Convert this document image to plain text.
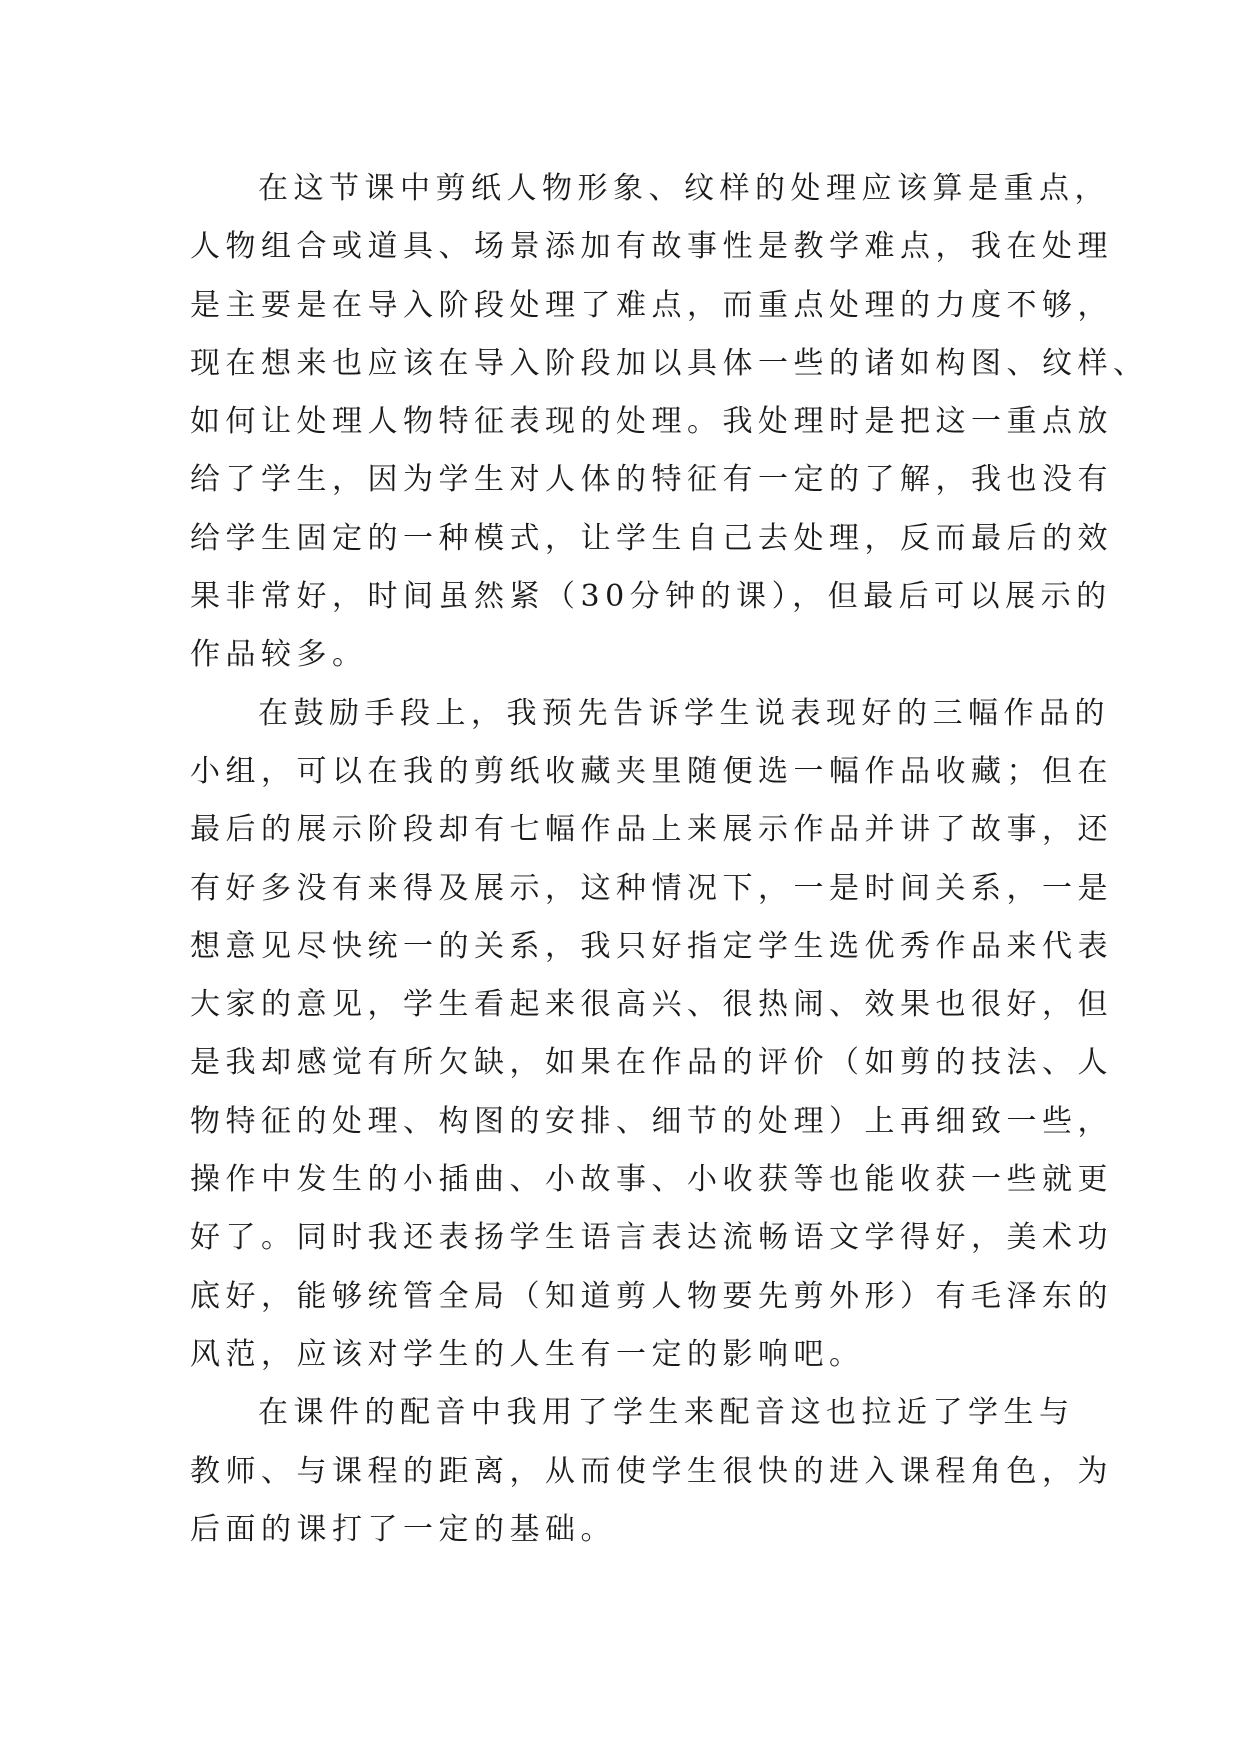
在这节课中剪纸人物形象、纹样的处理应该算是重点，
人物组合或道具、场景添加有故事性是教学难点，我在处理
是主要是在导入阶段处理了难点，而重点处理的力度不够，
现在想来也应该在导入阶段加以具体一些的诸如构图、纹样、
如何让处理人物特征表现的处理。我处理时是把这一重点放
给了学生，因为学生对人体的特征有一定的了解，我也没有
给学生固定的一种模式，让学生自己去处理，反而最后的效
果非常好，时间虽然紧（30分钟的课），但最后可以展示的
作品较多。
在鼓励手段上，我预先告诉学生说表现好的三幅作品的
小组，可以在我的剪纸收藏夹里随便选一幅作品收藏；但在
最后的展示阶段却有七幅作品上来展示作品并讲了故事，还
有好多没有来得及展示，这种情况下，一是时间关系，一是
想意见尽快统一的关系，我只好指定学生选优秀作品来代表
大家的意见，学生看起来很高兴、很热闹、效果也很好，但
是我却感觉有所欠缺，如果在作品的评价（如剪的技法、人
物特征的处理、构图的安排、细节的处理）上再细致一些，
操作中发生的小插曲、小故事、小收获等也能收获一些就更
好了。同时我还表扬学生语言表达流畅语文学得好，美术功
底好，能够统管全局（知道剪人物要先剪外形）有毛泽东的
风范，应该对学生的人生有一定的影响吧。
在课件的配音中我用了学生来配音这也拉近了学生与
教师、与课程的距离，从而使学生很快的进入课程角色，为
后面的课打了一定的基础。
